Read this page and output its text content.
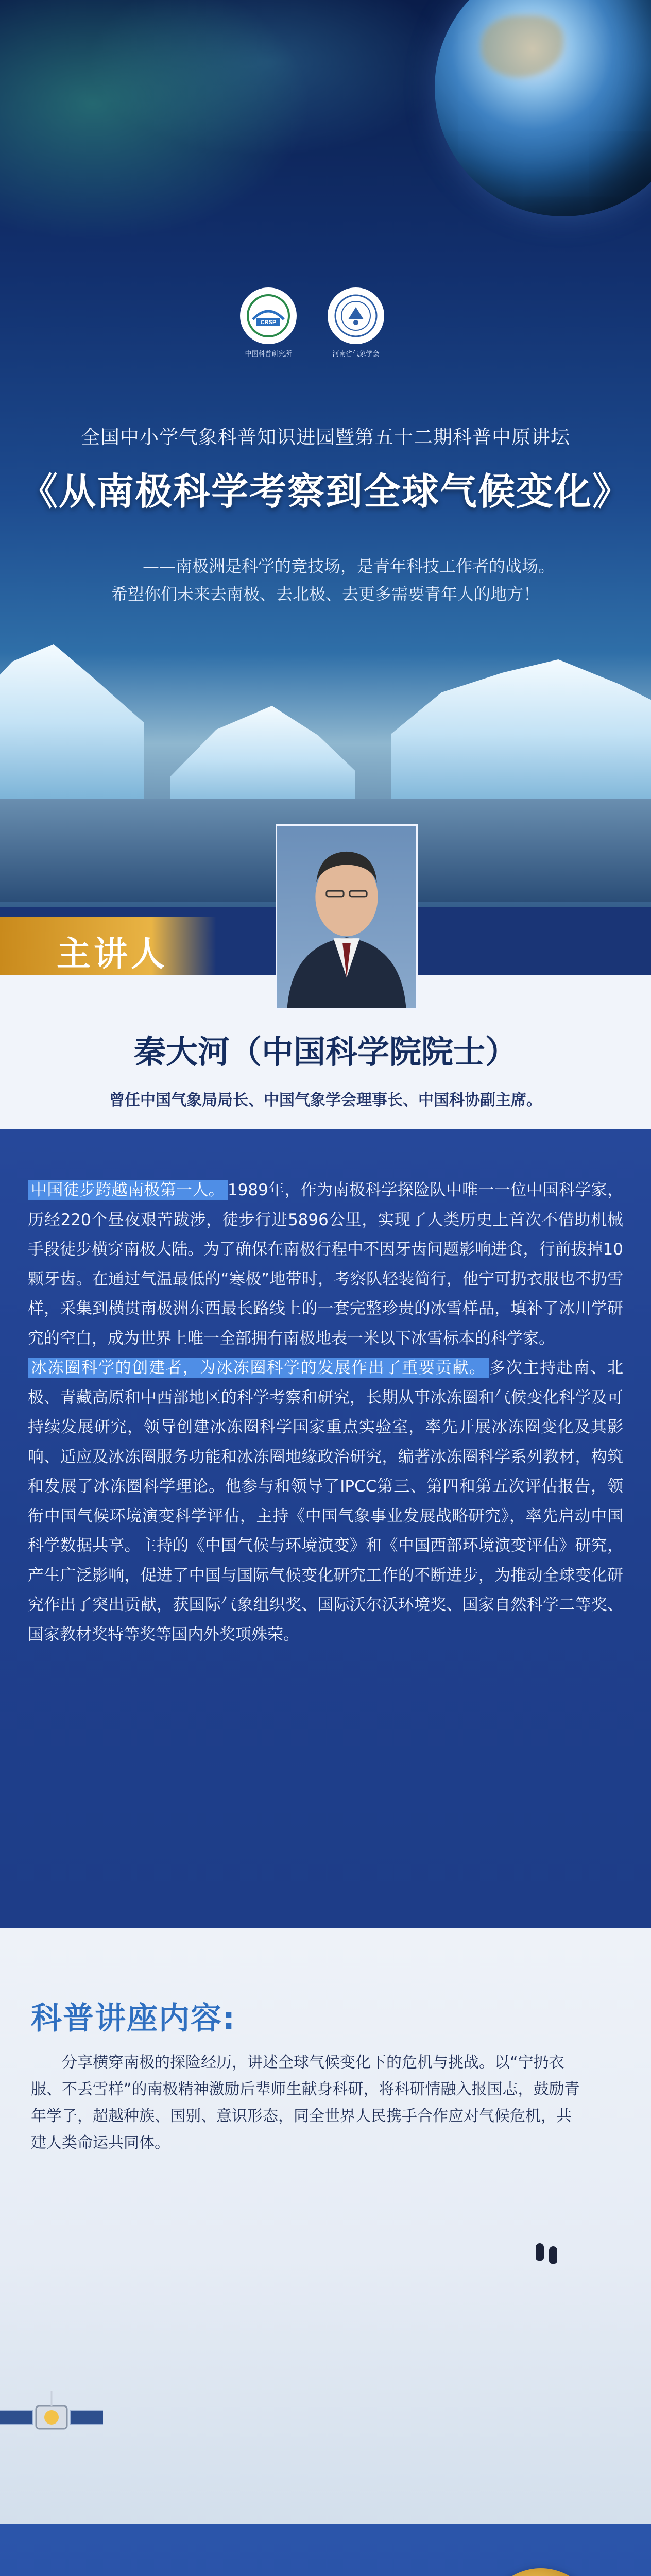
CRSP
中国科普研究所	河南省气象学会
全国中小学气象科普知识进园暨第五十二期科普中原讲坛
《从南极科学考察到全球气候变化》
——南极洲是科学的竞技场，是青年科技工作者的战场。
希望你们未来去南极、去北极、去更多需要青年人的地方！
主讲人
秦大河（中国科学院院士）
曾任中国气象局局长、中国气象学会理事长、中国科协副主席。
中国徒步跨越南极第一人。 1989年，作为南极科学探险队中唯一一位中国科学家，历经220个昼夜艰苦跋涉，徒步行进5896公里，实现了人类历史上首次不借助机械手段徒步横穿南极大陆。为了确保在南极行程中不因牙齿问题影响进食，行前拔掉10颗牙齿。在通过气温最低的“寒极”地带时，考察队轻装简行，他宁可扔衣服也不扔雪样，采集到横贯南极洲东西最长路线上的一套完整珍贵的冰雪样品，填补了冰川学研究的空白，成为世界上唯一全部拥有南极地表一米以下冰雪标本的科学家。
冰冻圈科学的创建者，为冰冻圈科学的发展作出了重要贡献。 多次主持赴南、北极、青藏高原和中西部地区的科学考察和研究，长期从事冰冻圈和气候变化科学及可持续发展研究，领导创建冰冻圈科学国家重点实验室，率先开展冰冻圈变化及其影响、适应及冰冻圈服务功能和冰冻圈地缘政治研究，编著冰冻圈科学系列教材，构筑和发展了冰冻圈科学理论。他参与和领导了IPCC第三、第四和第五次评估报告，领衔中国气候环境演变科学评估，主持《中国气象事业发展战略研究》，率先启动中国科学数据共享。主持的《中国气候与环境演变》和《中国西部环境演变评估》研究，产生广泛影响，促进了中国与国际气候变化研究工作的不断进步，为推动全球变化研究作出了突出贡献，获国际气象组织奖、国际沃尔沃环境奖、国家自然科学二等奖、国家教材奖特等奖等国内外奖项殊荣。
科普讲座内容:
分享横穿南极的探险经历，讲述全球气候变化下的危机与挑战。以“宁扔衣服、不丢雪样”的南极精神激励后辈师生献身科研，将科研情融入报国志，鼓励青年学子，超越种族、国别、意识形态，同全世界人民携手合作应对气候危机，共建人类命运共同体。
